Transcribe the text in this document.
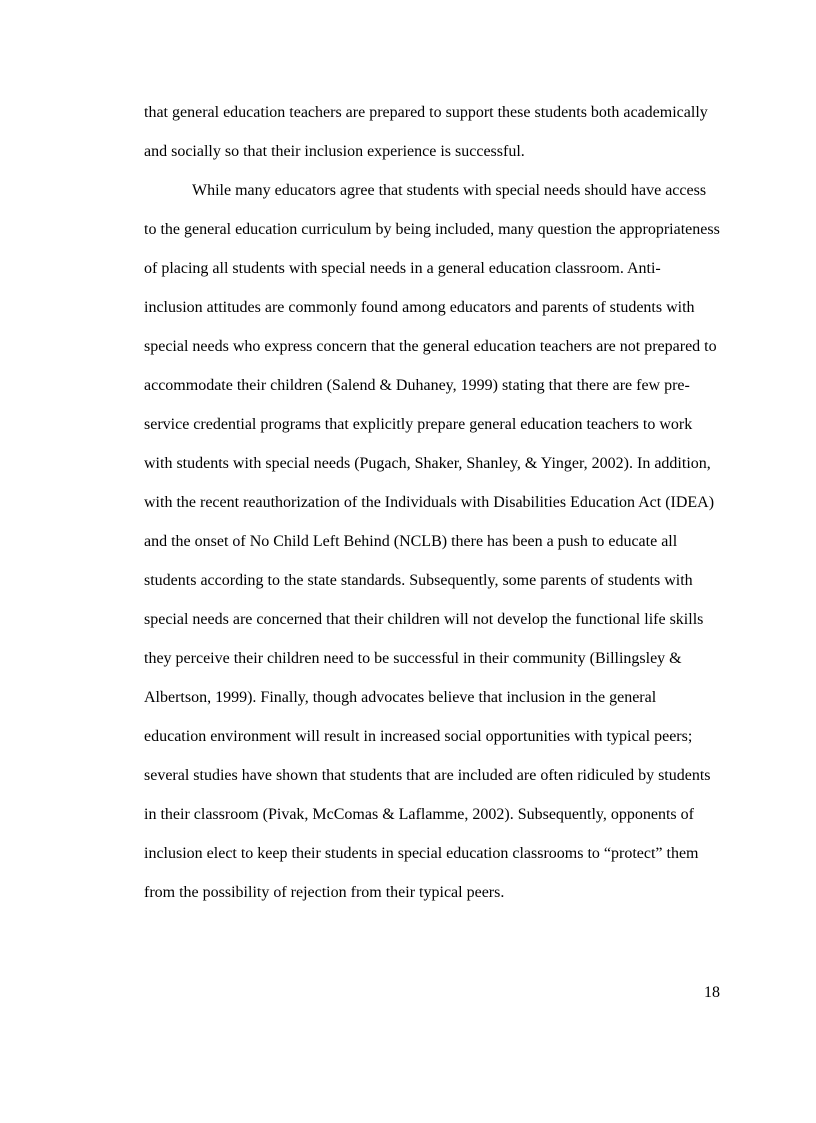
that general education teachers are prepared to support these students both academically
and socially so that their inclusion experience is successful.
While many educators agree that students with special needs should have access
to the general education curriculum by being included, many question the appropriateness
of placing all students with special needs in a general education classroom. Anti-
inclusion attitudes are commonly found among educators and parents of students with
special needs who express concern that the general education teachers are not prepared to
accommodate their children (Salend & Duhaney, 1999) stating that there are few pre-
service credential programs that explicitly prepare general education teachers to work
with students with special needs (Pugach, Shaker, Shanley, & Yinger, 2002). In addition,
with the recent reauthorization of the Individuals with Disabilities Education Act (IDEA)
and the onset of No Child Left Behind (NCLB) there has been a push to educate all
students according to the state standards. Subsequently, some parents of students with
special needs are concerned that their children will not develop the functional life skills
they perceive their children need to be successful in their community (Billingsley &
Albertson, 1999). Finally, though advocates believe that inclusion in the general
education environment will result in increased social opportunities with typical peers;
several studies have shown that students that are included are often ridiculed by students
in their classroom (Pivak, McComas & Laflamme, 2002). Subsequently, opponents of
inclusion elect to keep their students in special education classrooms to “protect” them
from the possibility of rejection from their typical peers.
18
